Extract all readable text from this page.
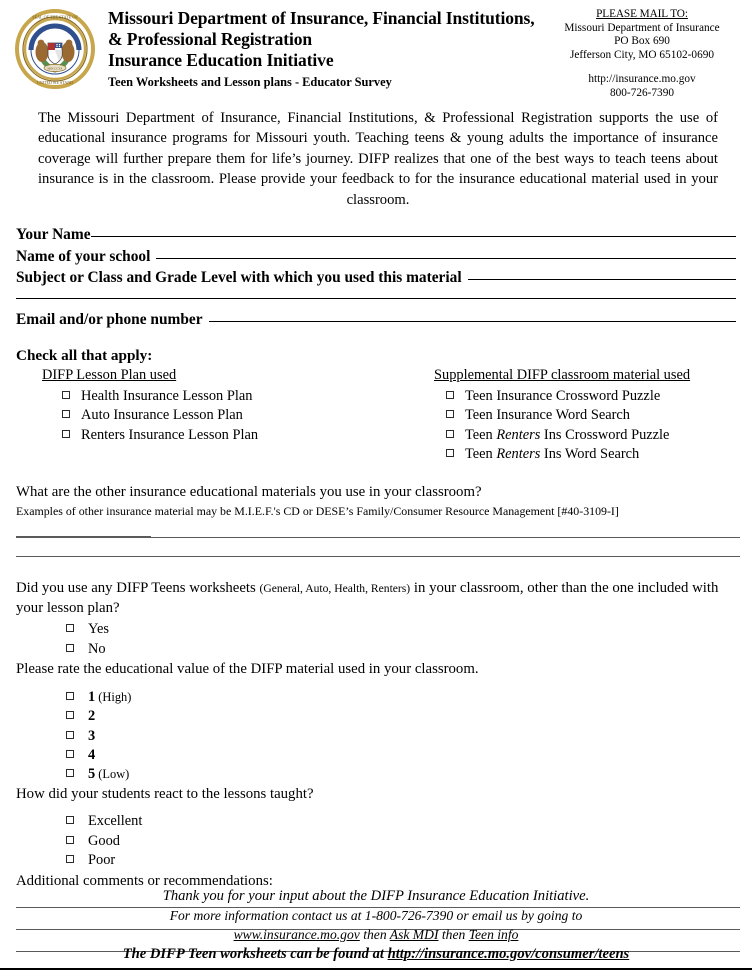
SEAL OF THE STATE OF
MDCCCXX
UNITED WE STAND
Missouri Department of Insurance, Financial Institutions,
& Professional Registration
Insurance Education Initiative
Teen Worksheets and Lesson plans - Educator Survey
PLEASE MAIL TO:
Missouri Department of Insurance
PO Box 690
Jefferson City, MO 65102-0690
http://insurance.mo.gov
800-726-7390
The Missouri Department of Insurance, Financial Institutions, & Professional Registration supports the use of educational insurance programs for Missouri youth. Teaching teens & young adults the importance of insurance coverage will further prepare them for life’s journey. DIFP realizes that one of the best ways to teach teens about insurance is in the classroom. Please provide your feedback to for the insurance educational material used in your classroom.
Your Name
Name of your school
Subject or Class and Grade Level with which you used this material
Email and/or phone number
Check all that apply:
DIFP Lesson Plan used
Health Insurance Lesson Plan
Auto Insurance Lesson Plan
Renters Insurance Lesson Plan
Supplemental DIFP classroom material used
Teen Insurance Crossword Puzzle
Teen Insurance Word Search
Teen Renters Ins Crossword Puzzle
Teen Renters Ins Word Search
What are the other insurance educational materials you use in your classroom?
Examples of other insurance material may be M.I.E.F.'s CD or DESE’s Family/Consumer Resource Management [#40-3109-I]
Did you use any DIFP Teens worksheets (General, Auto, Health, Renters) in your classroom, other than the one included with your lesson plan?
Yes
No
Please rate the educational value of the DIFP material used in your classroom.
1 (High)
2
3
4
5 (Low)
How did your students react to the lessons taught?
Excellent
Good
Poor
Additional comments or recommendations:
Thank you for your input about the DIFP Insurance Education Initiative.
For more information contact us at 1-800-726-7390 or email us by going to
www.insurance.mo.gov then Ask MDI then Teen info
The DIFP Teen worksheets can be found at http://insurance.mo.gov/consumer/teens
